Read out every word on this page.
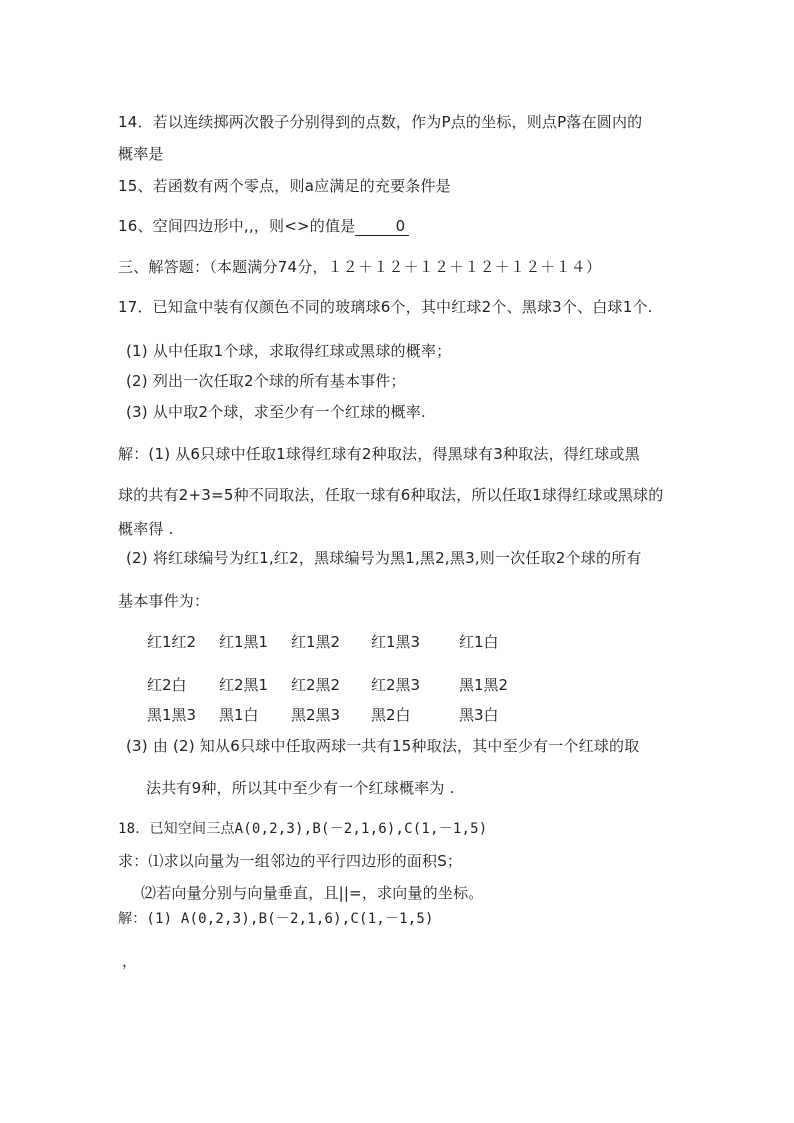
14．若以连续掷两次骰子分别得到的点数，作为P点的坐标，则点P落在圆内的
概率是
15、若函数有两个零点，则a应满足的充要条件是
16、空间四边形中,,，则<>的值是	0
三、解答题：（本题满分74分，１２＋１２＋１２＋１２＋１２＋１４）
17．已知盒中装有仅颜色不同的玻璃球6个，其中红球2个、黑球3个、白球1个.
(1) 从中任取1个球，求取得红球或黑球的概率；
(2) 列出一次任取2个球的所有基本事件；
(3) 从中取2个球，求至少有一个红球的概率.
解：(1) 从6只球中任取1球得红球有2种取法，得黑球有3种取法，得红球或黑
球的共有2+3=5种不同取法，任取一球有6种取法，所以任取1球得红球或黑球的
概率得 .
(2) 将红球编号为红1,红2，黑球编号为黑1,黑2,黑3,则一次任取2个球的所有
基本事件为：
红1红2 红1黑1 红1黑2 红1黑3	红1白
红2白 红2黑1 红2黑2 红2黑3	黑1黑2
黑1黑3 黑1白 黑2黑3 黑2白	黑3白
(3) 由 (2) 知从6只球中任取两球一共有15种取法，其中至少有一个红球的取
法共有9种，所以其中至少有一个红球概率为 .
18．已知空间三点A(0,2,3),B(－2,1,6),C(1,－1,5)
求：⑴求以向量为一组邻边的平行四边形的面积S；
⑵若向量分别与向量垂直，且||=，求向量的坐标。
解：(1) A(0,2,3),B(－2,1,6),C(1,－1,5)
，
